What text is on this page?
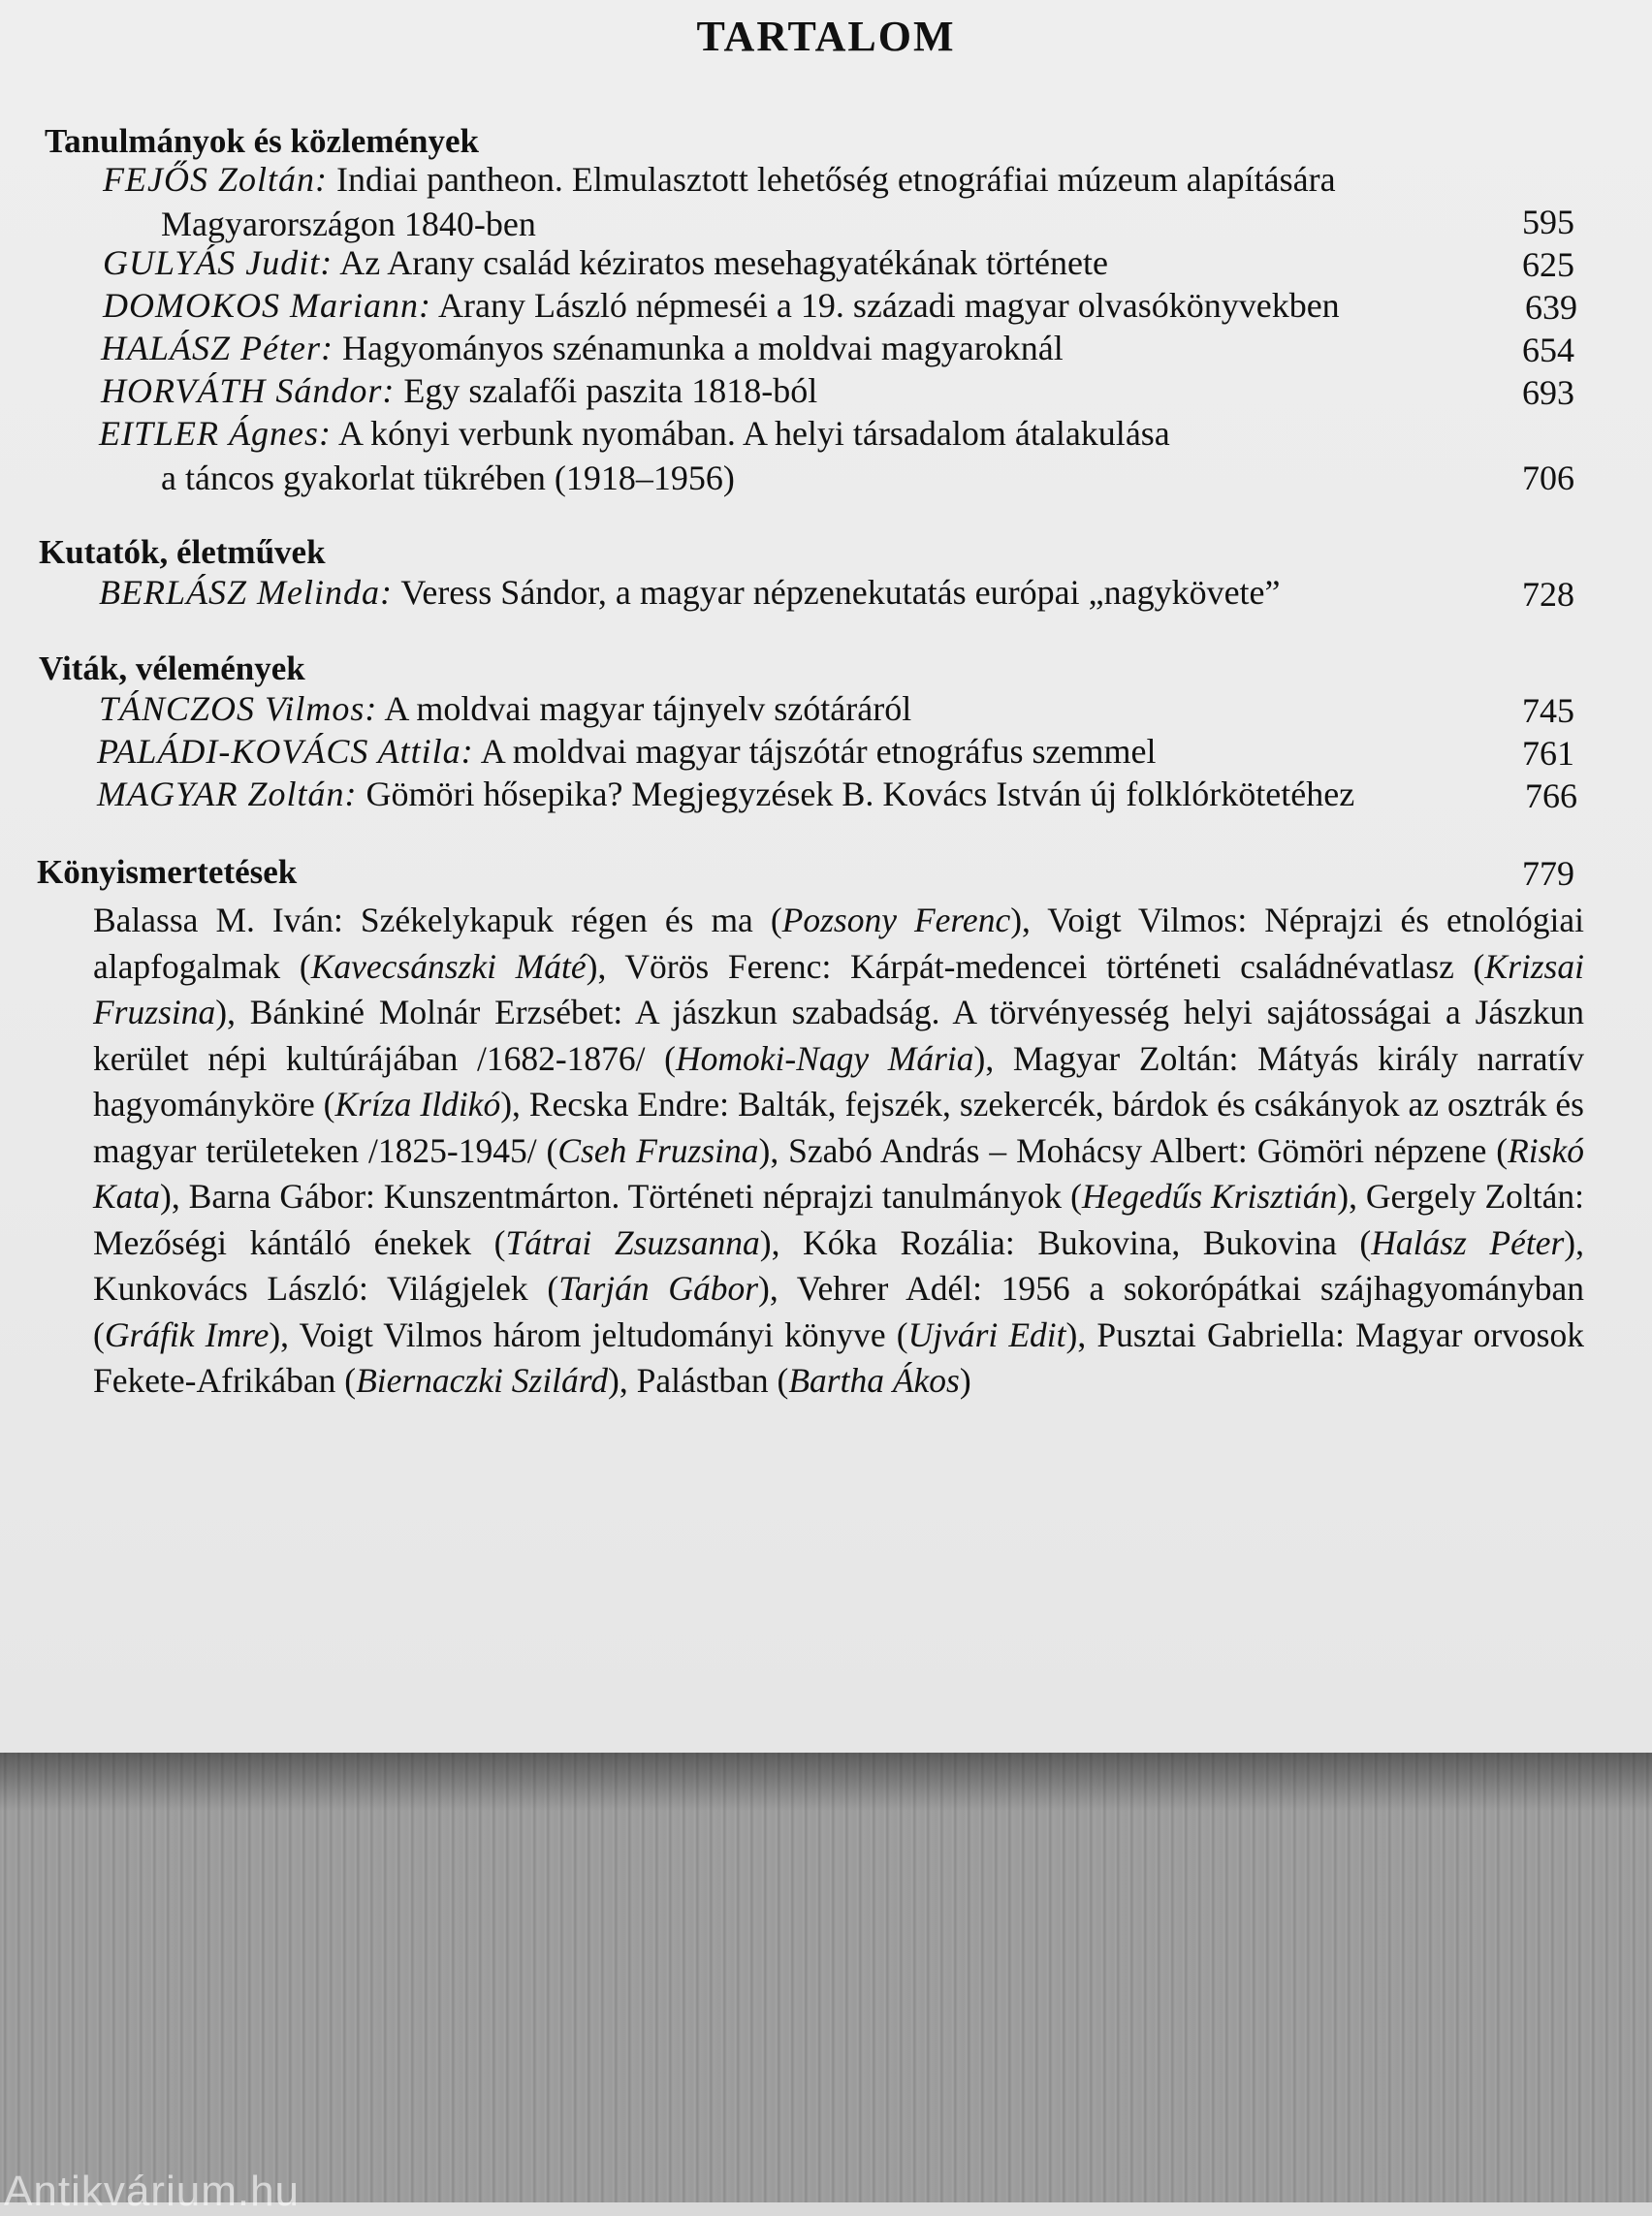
TARTALOM
Tanulmányok és közlemények
FEJŐS Zoltán: Indiai pantheon. Elmulasztott lehetőség etnográfiai múzeum alapítására
Magyarországon 1840-ben	595
GULYÁS Judit: Az Arany család kéziratos mesehagyatékának története	625
DOMOKOS Mariann: Arany László népmeséi a 19. századi magyar olvasókönyvekben	639
HALÁSZ Péter: Hagyományos szénamunka a moldvai magyaroknál	654
HORVÁTH Sándor: Egy szalafői paszita 1818-ból	693
EITLER Ágnes: A kónyi verbunk nyomában. A helyi társadalom átalakulása
a táncos gyakorlat tükrében (1918–1956)	706
Kutatók, életművek
BERLÁSZ Melinda: Veress Sándor, a magyar népzenekutatás európai „nagykövete”	728
Viták, vélemények
TÁNCZOS Vilmos: A moldvai magyar tájnyelv szótáráról	745
PALÁDI-KOVÁCS Attila: A moldvai magyar tájszótár etnográfus szemmel	761
MAGYAR Zoltán: Gömöri hősepika? Megjegyzések B. Kovács István új folklórkötetéhez	766
Könyismertetések	779
Balassa M. Iván: Székelykapuk régen és ma (Pozsony Ferenc), Voigt Vilmos: Néprajzi és etnológiai alapfogalmak (Kavecsánszki Máté), Vörös Ferenc: Kárpát-medencei történeti családnévatlasz (Krizsai Fruzsina), Bánkiné Molnár Erzsébet: A jászkun szabadság. A törvényesség helyi sajátosságai a Jászkun kerület népi kultúrájában /1682-1876/ (Homoki-Nagy Mária), Magyar Zoltán: Mátyás király narratív hagyományköre (Kríza Ildikó), Recska Endre: Balták, fejszék, szekercék, bárdok és csákányok az osztrák és magyar területeken /1825-1945/ (Cseh Fruzsina), Szabó András – Mohácsy Albert: Gömöri népzene (Riskó Kata), Barna Gábor: Kunszentmárton. Történeti néprajzi tanulmányok (Hegedűs Krisztián), Gergely Zoltán: Mezőségi kántáló énekek (Tátrai Zsuzsanna), Kóka Rozália: Bukovina, Bukovina (Halász Péter), Kunkovács László: Világjelek (Tarján Gábor), Vehrer Adél: 1956 a sokorópátkai szájhagyományban (Gráfik Imre), Voigt Vilmos három jeltudományi könyve (Ujvári Edit), Pusztai Gabriella: Magyar orvosok Fekete-Afrikában (Biernaczki Szilárd), Palástban (Bartha Ákos)
Antikvárium.hu
